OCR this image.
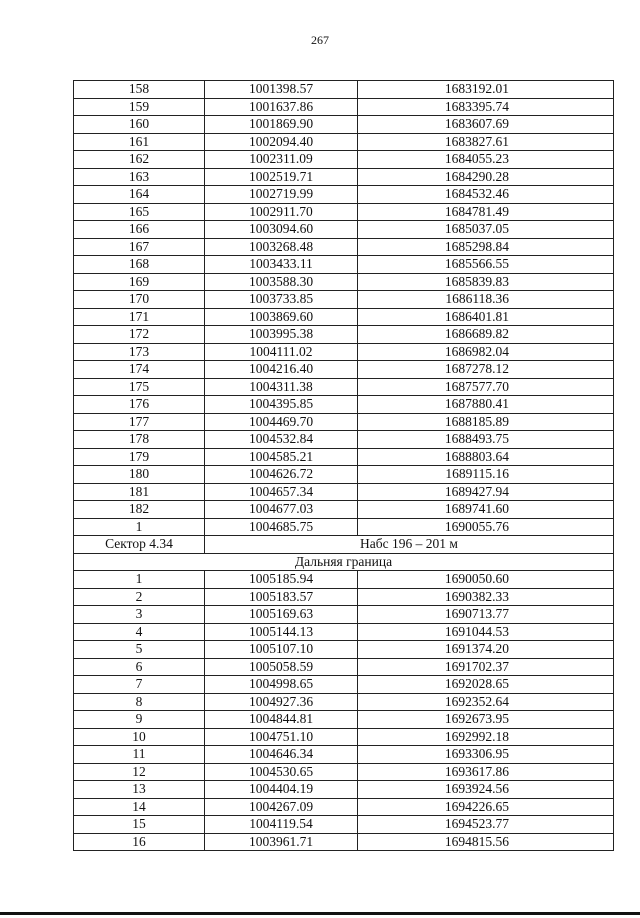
267
158	1001398.57	1683192.01
159	1001637.86	1683395.74
160	1001869.90	1683607.69
161	1002094.40	1683827.61
162	1002311.09	1684055.23
163	1002519.71	1684290.28
164	1002719.99	1684532.46
165	1002911.70	1684781.49
166	1003094.60	1685037.05
167	1003268.48	1685298.84
168	1003433.11	1685566.55
169	1003588.30	1685839.83
170	1003733.85	1686118.36
171	1003869.60	1686401.81
172	1003995.38	1686689.82
173	1004111.02	1686982.04
174	1004216.40	1687278.12
175	1004311.38	1687577.70
176	1004395.85	1687880.41
177	1004469.70	1688185.89
178	1004532.84	1688493.75
179	1004585.21	1688803.64
180	1004626.72	1689115.16
181	1004657.34	1689427.94
182	1004677.03	1689741.60
1	1004685.75	1690055.76
Сектор 4.34	Набс 196 – 201 м	
Дальняя граница		
1	1005185.94	1690050.60
2	1005183.57	1690382.33
3	1005169.63	1690713.77
4	1005144.13	1691044.53
5	1005107.10	1691374.20
6	1005058.59	1691702.37
7	1004998.65	1692028.65
8	1004927.36	1692352.64
9	1004844.81	1692673.95
10	1004751.10	1692992.18
11	1004646.34	1693306.95
12	1004530.65	1693617.86
13	1004404.19	1693924.56
14	1004267.09	1694226.65
15	1004119.54	1694523.77
16	1003961.71	1694815.56
